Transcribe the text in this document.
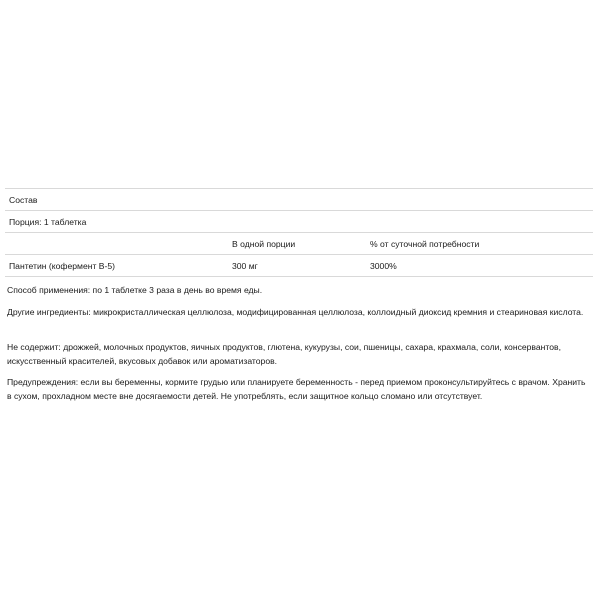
Состав		
Порция: 1 таблетка		
	В одной порции	% от суточной потребности
Пантетин (кофермент B-5)	300 мг	3000%
Способ применения: по 1 таблетке 3 раза в день во время еды.
Другие ингредиенты: микрокристаллическая целлюлоза, модифицированная целлюлоза, коллоидный диоксид кремния и стеариновая кислота.
Не содержит: дрожжей, молочных продуктов, яичных продуктов, глютена, кукурузы, сои, пшеницы, сахара, крахмала, соли, консервантов, искусственный красителей, вкусовых добавок или ароматизаторов.
Предупреждения: если вы беременны, кормите грудью или планируете беременность - перед приемом проконсультируйтесь с врачом. Хранить в сухом, прохладном месте вне досягаемости детей. Не употреблять, если защитное кольцо сломано или отсутствует.
